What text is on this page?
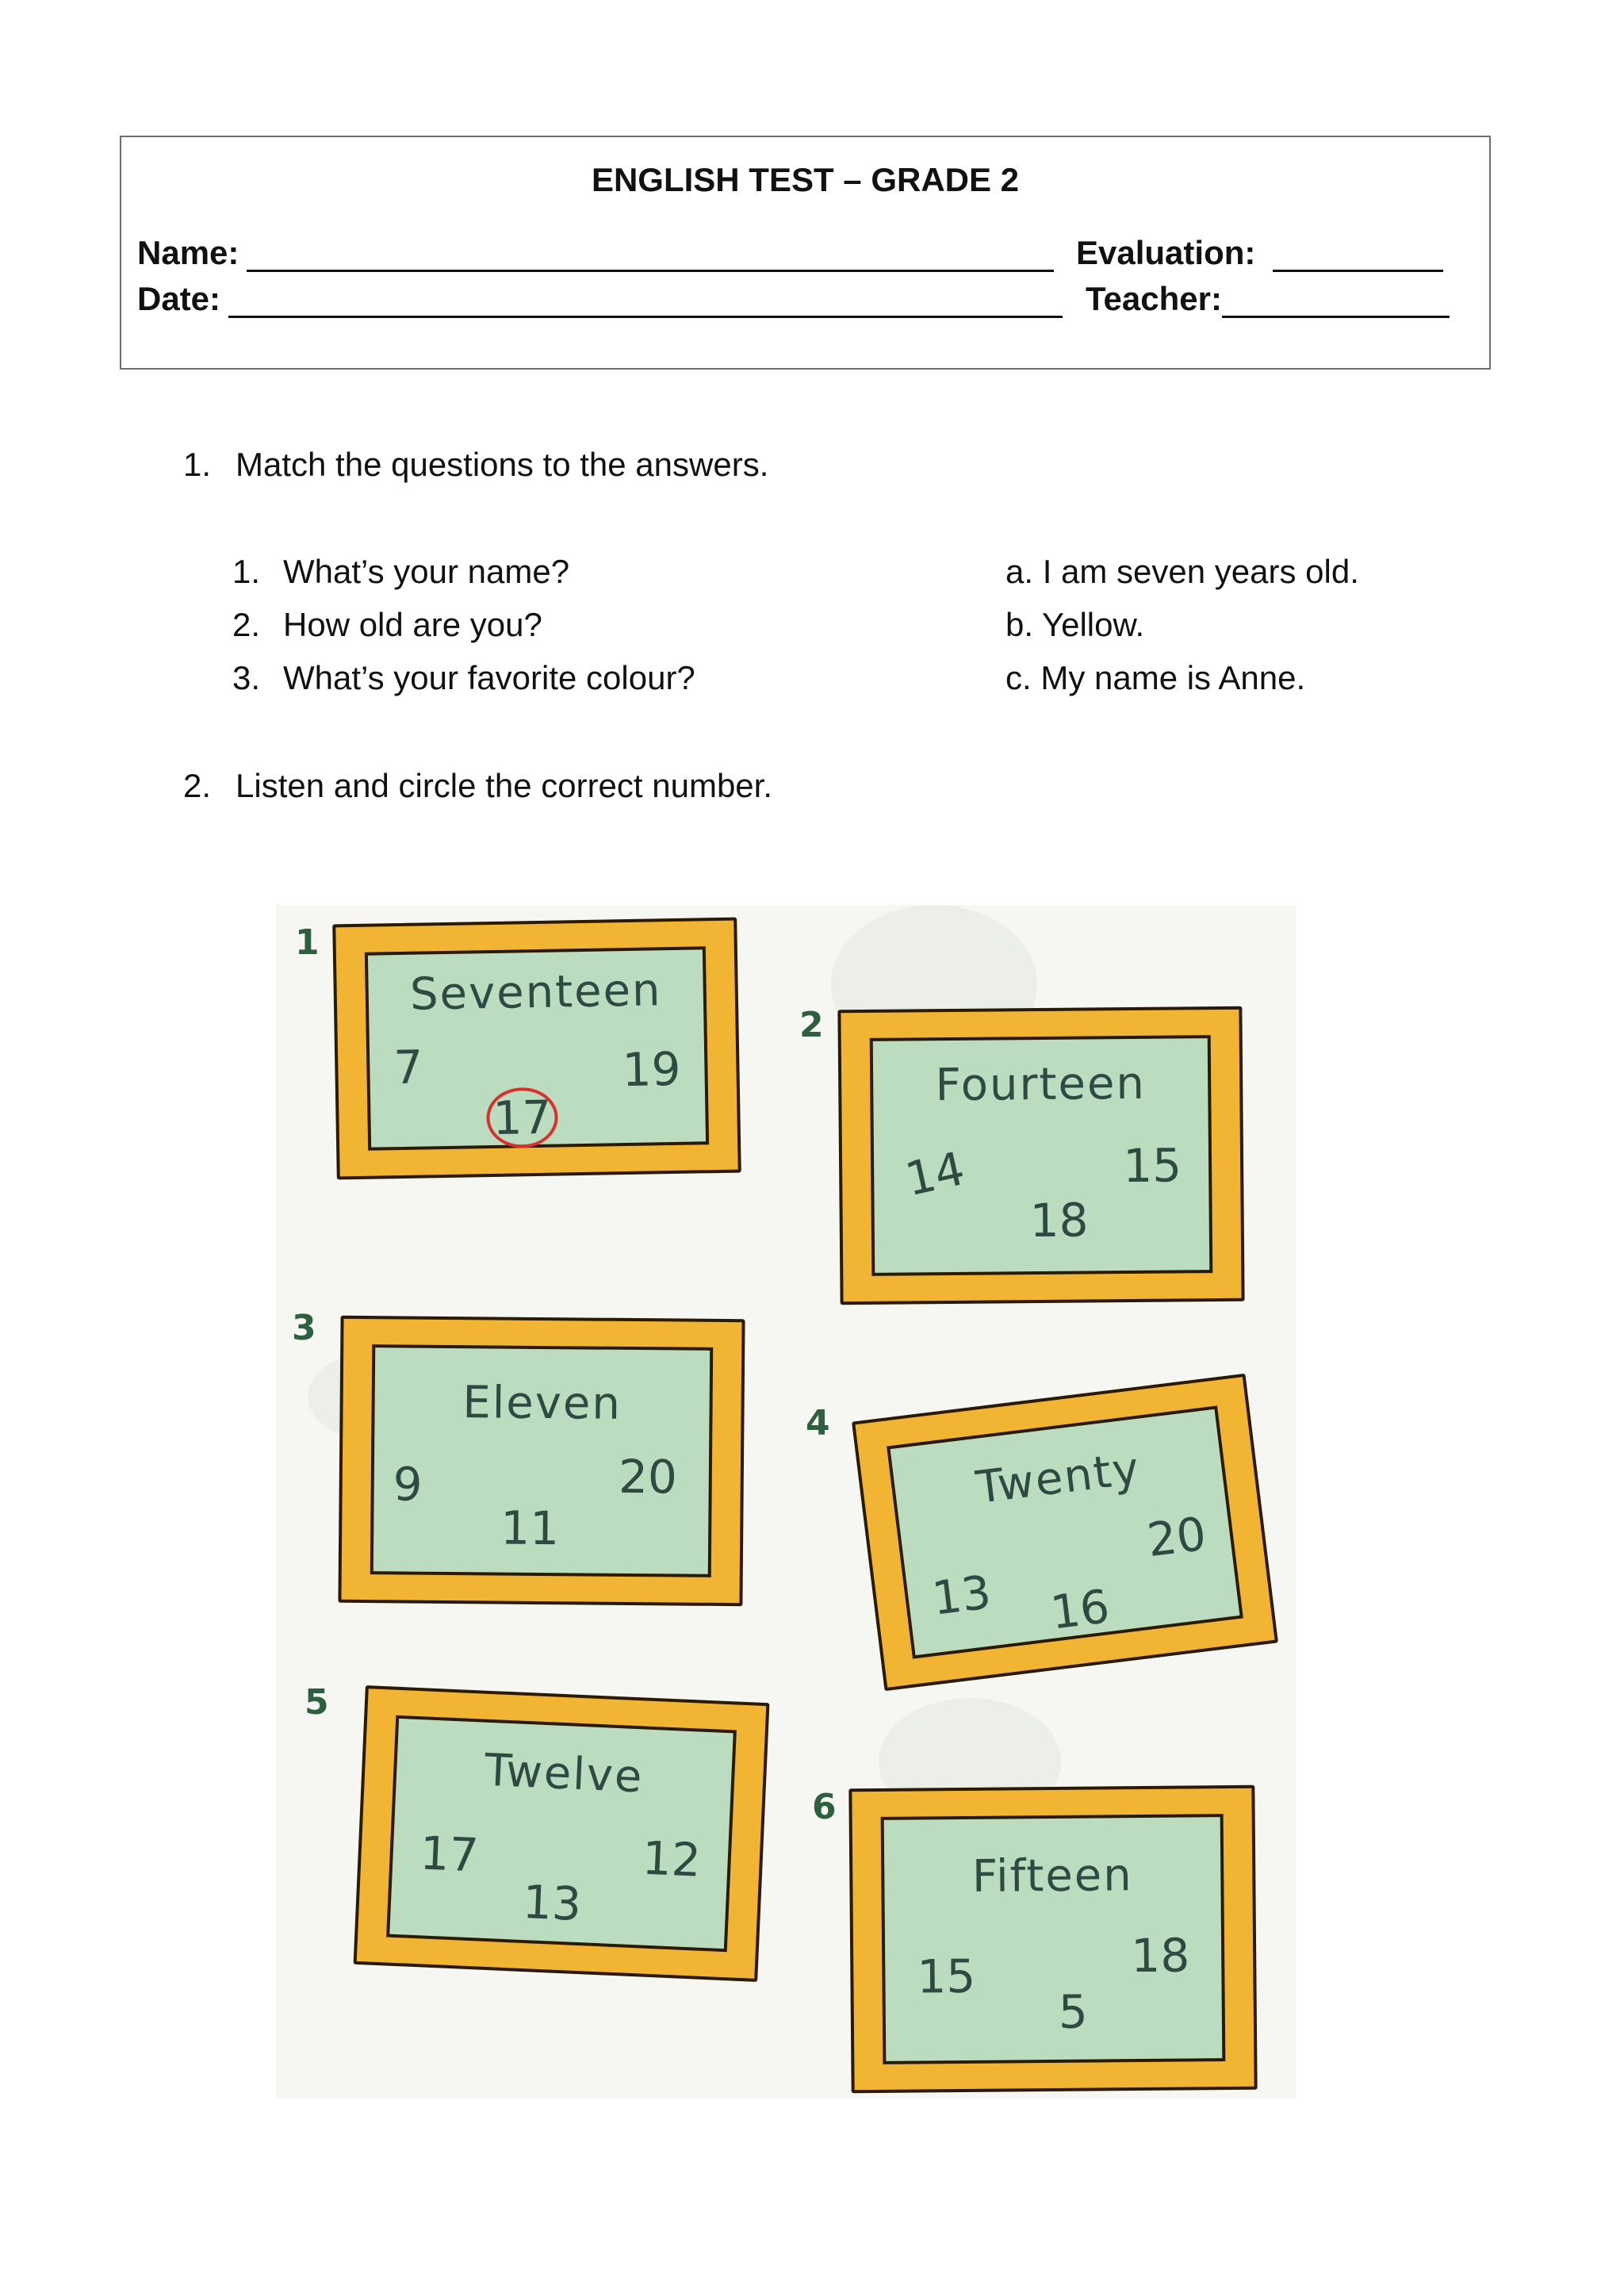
ENGLISH TEST – GRADE 2
Name:	Evaluation:
Date:	Teacher:
1. Match the questions to the answers.
1. What’s your name?
2. How old are you?
3. What’s your favorite colour?
a. I am seven years old.
b. Yellow.
c. My name is Anne.
2. Listen and circle the correct number.
1
Seventeen
7	19
17
2
Fourteen
14	15
18
3
Eleven
9	20
11
4
Twenty
13
20
16
5
Twelve
17	12
13
6
Fifteen
15	18
5
